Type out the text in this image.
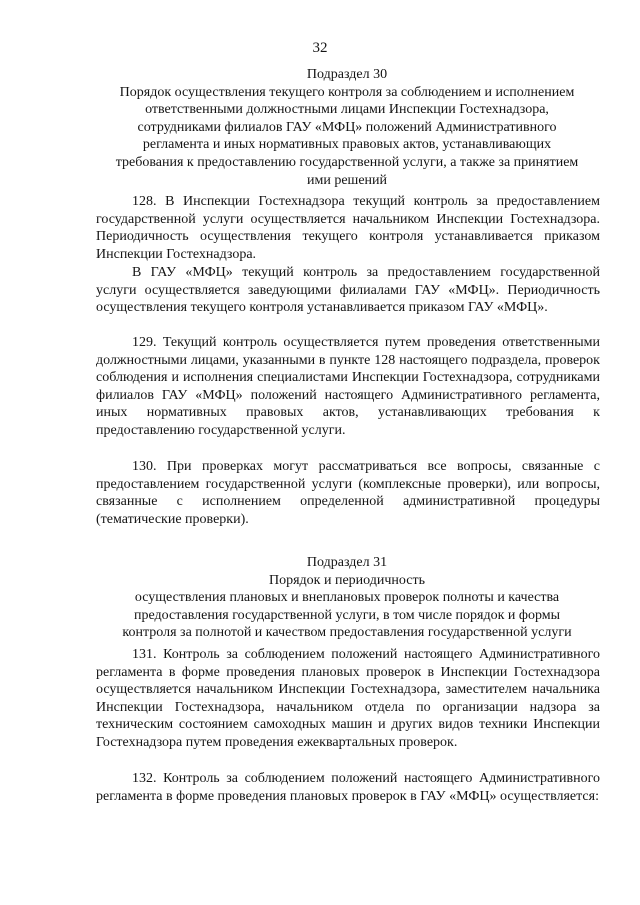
32
Подраздел 30
Порядок осуществления текущего контроля за соблюдением и исполнением
ответственными должностными лицами Инспекции Гостехнадзора,
сотрудниками филиалов ГАУ «МФЦ» положений Административного
регламента и иных нормативных правовых актов, устанавливающих
требования к предоставлению государственной услуги, а также за принятием
ими решений
128. В Инспекции Гостехнадзора текущий контроль за предоставлением государственной услуги осуществляется начальником Инспекции Гостехнадзора. Периодичность осуществления текущего контроля устанавливается приказом Инспекции Гостехнадзора.
В ГАУ «МФЦ» текущий контроль за предоставлением государственной услуги осуществляется заведующими филиалами ГАУ «МФЦ». Периодичность осуществления текущего контроля устанавливается приказом ГАУ «МФЦ».
129. Текущий контроль осуществляется путем проведения ответственными должностными лицами, указанными в пункте 128 настоящего подраздела, проверок соблюдения и исполнения специалистами Инспекции Гостехнадзора, сотрудниками филиалов ГАУ «МФЦ» положений настоящего Административного регламента, иных нормативных правовых актов, устанавливающих требования к предоставлению государственной услуги.
130. При проверках могут рассматриваться все вопросы, связанные с предоставлением государственной услуги (комплексные проверки), или вопросы, связанные с исполнением определенной административной процедуры (тематические проверки).
Подраздел 31
Порядок и периодичность
осуществления плановых и внеплановых проверок полноты и качества
предоставления государственной услуги, в том числе порядок и формы
контроля за полнотой и качеством предоставления государственной услуги
131. Контроль за соблюдением положений настоящего Административного регламента в форме проведения плановых проверок в Инспекции Гостехнадзора осуществляется начальником Инспекции Гостехнадзора, заместителем начальника Инспекции Гостехнадзора, начальником отдела по организации надзора за техническим состоянием самоходных машин и других видов техники Инспекции Гостехнадзора путем проведения ежеквартальных проверок.
132. Контроль за соблюдением положений настоящего Административного регламента в форме проведения плановых проверок в ГАУ «МФЦ» осуществляется:
